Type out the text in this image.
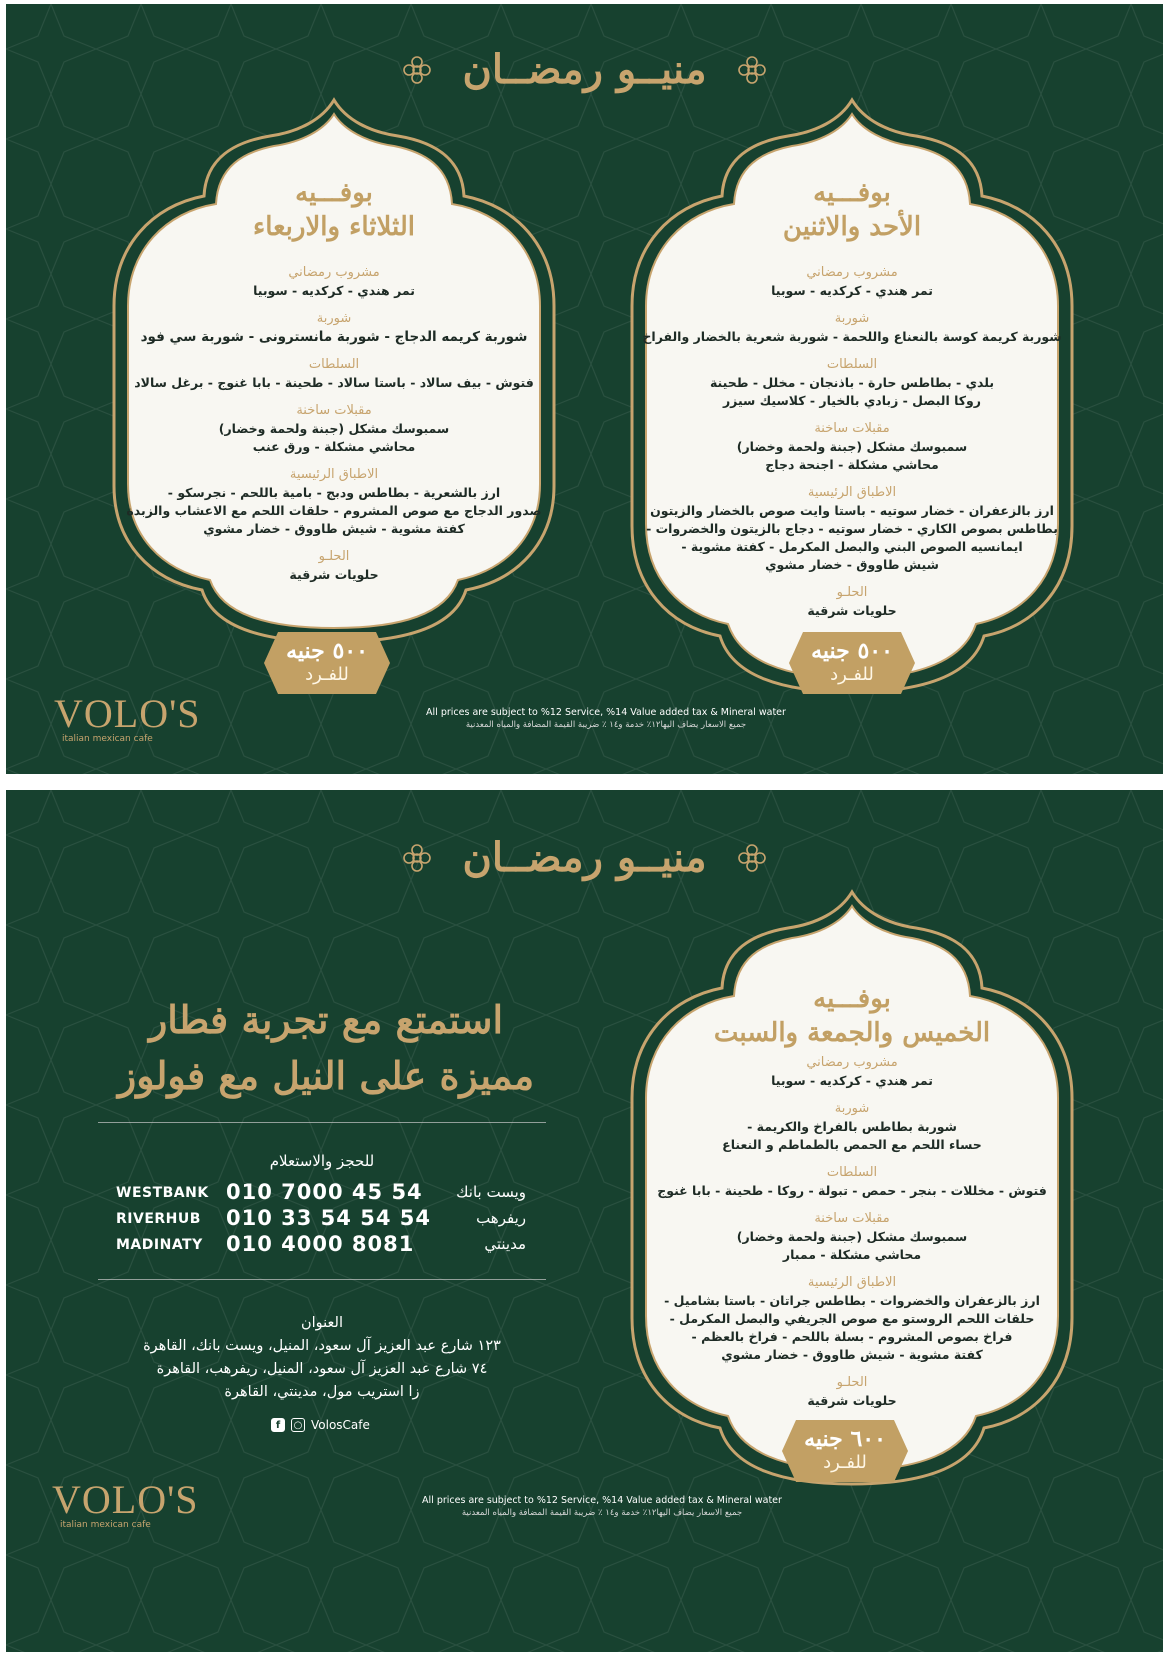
منيــو رمضــان
بوفـــيه
الأحد والاثنين
مشروب رمضاني
تمر هندي - كركديه - سوبيا
شوربة
شوربة كريمة كوسة بالنعناع واللحمة - شوربة شعرية بالخضار والفراخ
السلطات
بلدي - بطاطس حارة - باذنجان - مخلل - طحينة
روكا البصل - زبادي بالخيار - كلاسيك سيزر
مقبلات ساخنة
سمبوسك مشكل (جبنة ولحمة وخضار)
محاشي مشكلة - اجنحة دجاج
الاطباق الرئيسية
ارز بالزعفران - خضار سوتيه - باستا وايت صوص بالخضار والزيتون
بطاطس بصوص الكاري - خضار سوتيه - دجاج بالزيتون والخضروات -
ايمانسيه الصوص البني والبصل المكرمل - كفتة مشوية -
شيش طاووق - خضار مشوي
الحلـو
حلويات شرقية
٥٠٠ جنيه
للفـرد
بوفـــيه
الثلاثاء والاربعاء
مشروب رمضاني
تمر هندي - كركديه - سوبيا
شوربة
شوربة كريمه الدجاج - شوربة مانسترونى - شوربة سي فود
السلطات
فتوش - بيف سالاد - باستا سالاد - طحينة - بابا غنوج - برغل سالاد
مقبلات ساخنة
سمبوسك مشكل (جبنة ولحمة وخضار)
محاشي مشكلة - ورق عنب
الاطباق الرئيسية
ارز بالشعرية - بطاطس ودبج - بامية باللحم - نجرسكو -
صدور الدجاج مع صوص المشروم - حلقات اللحم مع الاعشاب والزبدة
كفتة مشوية - شيش طاووق - خضار مشوي
الحلـو
حلويات شرقية
٥٠٠ جنيه
للفـرد
VOLO'S
italian mexican cafe
All prices are subject to %12 Service, %14 Value added tax & Mineral water
جميع الاسعار يضاف اليها١٢٪ خدمة و١٤ ٪ ضريبة القيمة المضافة والمياه المعدنية
منيــو رمضــان
بوفـــيه
الخميس والجمعة والسبت
مشروب رمضاني
تمر هندي - كركديه - سوبيا
شوربة
شوربة بطاطس بالفراخ والكريمة -
حساء اللحم مع الحمص بالطماطم و النعناع
السلطات
فتوش - مخللات - بنجر - حمص - تبولة - روكا - طحينة - بابا غنوج
مقبلات ساخنة
سمبوسك مشكل (جبنة ولحمة وخضار)
محاشي مشكلة - ممبار
الاطباق الرئيسية
ارز بالزعفران والخضروات - بطاطس جراتان - باستا بشاميل -
حلقات اللحم الروستو مع صوص الجريفي والبصل المكرمل -
فراخ بصوص المشروم - بسلة باللحم - فراخ بالعظم -
كفتة مشوية - شيش طاووق - خضار مشوي
الحلـو
حلويات شرقية
٦٠٠ جنيه
للفـرد
استمتع مع تجربة فطار
مميزة على النيل مع فولوز
للحجز والاستعلام
WESTBANK 010 7000 45 54 ويست بانك
RIVERHUB 010 33 54 54 54	ريفرهب
MADINATY 010 4000 8081	مدينتي
العنوان
١٢٣ شارع عبد العزيز آل سعود، المنيل، ويست بانك، القاهرة
٧٤ شارع عبد العزيز آل سعود، المنيل، ريفرهب، القاهرة
زا استريب مول، مدينتي، القاهرة
f	○ VolosCafe
VOLO'S
italian mexican cafe
All prices are subject to %12 Service, %14 Value added tax & Mineral water
جميع الاسعار يضاف اليها١٢٪ خدمة و١٤ ٪ ضريبة القيمة المضافة والمياه المعدنية
